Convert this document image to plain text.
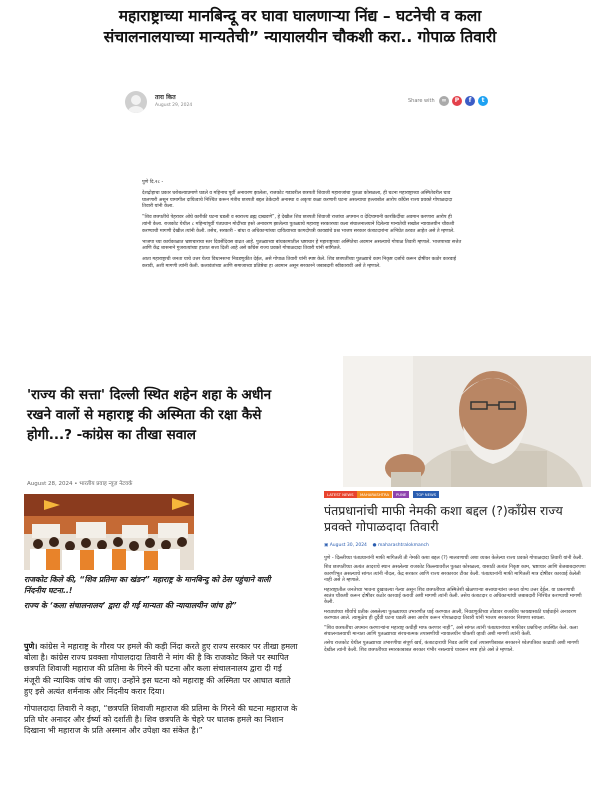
महाराष्ट्राच्या मानबिन्दू वर घावा घालणाऱ्या निंद्य – घटनेची व कला संचालनालयाच्या मान्यतेची” न्यायालयीन चौकशी करा.. गोपाळ तिवारी
तारा कित
August 29, 2024
Share with	∞	P	f	t

पुणे दि.२८ -

देशद्रोहाचा प्रकार घरोबल्याप्रमाणे घडले व महिनाच पूर्वी अनावरण झालेला, राजकोट गडावरील छत्रपती शिवाजी महाराजांचा पुतळा कोसळला, ही घटना महाराष्ट्राच्या अस्मितेवरील घाव घालणारी असून यामागील दायित्वाचे निश्चित करून मंत्रीच छत्रपती बद्दल ठेकेदारी अनास्था व अकृपा कळा करणारी घटना असल्याचा हल्लाबोल आरोप काँग्रेस राज्य प्रवक्ते गोपाळदादा तिवारी यांनी केला.

“शिव छत्रपतींचे पेहरावर ओघे कारीकी घटना घडली व स्वराज्य ब्रह्म दाखवणे”, हे देखील शिव छत्रपती शिवाजी राजांचा अपमान व देदिप्यमानी कारकिर्दीचा अवमान करणारा आरोप ही त्यांनी केला. राजकोट येथील ८ महिन्यांपूर्वी पंतप्रधान मोदींच्या हस्ते अनावरण झालेल्या पुतळ्याचे महाराष्ट्र सरकारच्या कला संचालनालयाने दिलेल्या मान्यतेची सखोल न्यायालयीन चौकशी करण्याची मागणी देखील त्यांनी केली. तसेच, सरकारी - बांधा व अधिकाऱ्यांच्या दायित्वाच्या कागदोपत्री कायद्यांचे प्रश्न भाजप सरकार कंत्राटदारांना अभिप्रेत ठरवत आहेत असे ते म्हणाले.

भाजपा च्या कार्यकाळात भ्रष्टाचाराचा स्तर दिवसेंदिवस वाढत आहे. पुतळ्याच्या बांधकामातील भ्रष्टाचार हे महाराष्ट्राच्या अस्मितेचा अवमान असल्याचे गोपाळ तिवारी म्हणाले. भाजपाच्या सत्तेत आणि केंद्र शासनाने गुजरात्यांच्या हातात सत्ता दिली आहे असे काँग्रेस राज्य प्रवक्ते गोपाळदादा तिवारी यांनी सांगितले.

आता महाराष्ट्राची जनता याचे उत्तर येत्या विधानसभा निवडणुकीत देईल, असे गोपाळ तिवारी यांनी स्पष्ट केले. शिव छत्रपतींच्या पुतळ्याचे काम निकृष्ट दर्जाचे करून दोषींवर कठोर कारवाई करावी, अशी मागणी त्यांनी केली. कलावंतांच्या आणि समाजाच्या प्रतिष्ठेचा हा अवमान असून सरकारने जबाबदारी स्वीकारावी असे ते म्हणाले.

'राज्य की सत्ता' दिल्ली स्थित शहेन शहा के अधीन रखने वालों से महाराष्ट्र की अस्मिता की रक्षा कैसे होगी...? -कांग्रेस का तीखा सवाल
August 28, 2024 • भारतीय प्रवाह न्यूज़ नेटवर्क
राजकोट किले की, “शिव प्रतिमा का खंडन” महाराष्ट्र के मानबिन्दु को ठेस पहुंचाने वाली निंदनीय घटना..!
राज्य के ‘कला संचालनालय’ द्वारा दी गई मान्यता की न्यायालयीन जांच हो”

पुणे। कांग्रेस ने महाराष्ट्र के गौरव पर हमले की कड़ी निंदा करते हुए राज्य सरकार पर तीखा हमला बोला है। कांग्रेस राज्य प्रवक्ता गोपालदादा तिवारी ने मांग की है कि राजकोट किले पर स्थापित छत्रपति शिवाजी महाराज की प्रतिमा के गिरने की घटना और कला संचालनालय द्वारा दी गई मंजूरी की न्यायिक जांच की जाए। उन्होंने इस घटना को महाराष्ट्र की अस्मिता पर आघात बताते हुए इसे अत्यंत शर्मनाक और निंदनीय करार दिया।

गोपालदादा तिवारी ने कहा, “छत्रपति शिवाजी महाराज की प्रतिमा के गिरने की घटना महाराज के प्रति घोर अनादर और ईर्ष्या को दर्शाती है। शिव छत्रपति के चेहरे पर घातक हमले का निशान दिखाना भी महाराज के प्रति अस्मान और उपेक्षा का संकेत है।”

LATEST NEWS	MAHARASHTRA	PUNE	TOP NEWS
पंतप्रधानांची माफी नेमकी कशा बद्दल (?)कॉंग्रेस राज्य प्रवक्ते गोपाळदादा तिवारी
▣ August 30, 2024 ● maharashtralokmanch

पुणे - दिल्लीच्या पंतप्रधानांनी माफी मागितली ती नेमकी कशा बद्दल (?) मालवणाची अशा व्यक्त केलेल्या राज्य प्रवक्ते गोपाळदादा तिवारी यांनी केली.

शिव छत्रपतींच्या अत्यंत आदराचे स्थान असलेल्या राजकोट किल्ल्यावरील पुतळा कोसळला, यासाठी अत्यंत निकृष्ट काम, भ्रष्टाचार आणि बेजबाबदारपणा कारणीभूत असल्याचे सांगत त्यांनी नौदल, केंद्र सरकार आणि राज्य सरकारवर टीका केली. पंतप्रधानांनी माफी मागितली मात्र दोषींवर कारवाई केलेली नाही असे ते म्हणाले.

महाराष्ट्रातील जनतेच्या भावना दुखावल्या गेल्या असून शिव छत्रपतींच्या अस्मितेशी खेळणाऱ्या सत्ताधाऱ्यांना जनता योग्य उत्तर देईल. या प्रकरणाची स्वतंत्र चौकशी करून दोषींवर कठोर कारवाई करावी अशी मागणी त्यांनी केली. तसेच कंत्राटदार व अधिकाऱ्यांची जबाबदारी निश्चित करण्याची मागणी केली.

मराठ्यांच्या शौर्याचे प्रतीक असलेल्या पुतळ्याच्या उभारणीत घाई करण्यात आली, निवडणुकीच्या तोंडावर राजकीय फायद्यासाठी घाईघाईने अनावरण करण्यात आले. त्यामुळेच ही दुर्दैवी घटना घडली असा आरोप करून गोपाळदादा तिवारी यांनी भाजप सरकारवर निशाणा साधला.

“शिव छत्रपतींचा अपमान करणाऱ्यांना महाराष्ट्र कधीही माफ करणार नाही”, असे सांगत त्यांनी पंतप्रधानांच्या माफीवर प्रश्नचिन्ह उपस्थित केले. कला संचालनालयाची मान्यता आणि पुतळ्याच्या संरचनात्मक तपासणीची न्यायालयीन चौकशी व्हावी अशी मागणी त्यांनी केली.

तसेच राजकोट येथील पुतळ्याच्या उभारणीचा संपूर्ण खर्च, कंत्राटदाराची निवड आणि दर्जा तपासणीबाबत सरकारने श्वेतपत्रिका काढावी अशी मागणी देखील त्यांनी केली. शिव छत्रपतींच्या स्मारकाबाबत सरकार गंभीर नसल्याचे यावरून स्पष्ट होते असे ते म्हणाले.
